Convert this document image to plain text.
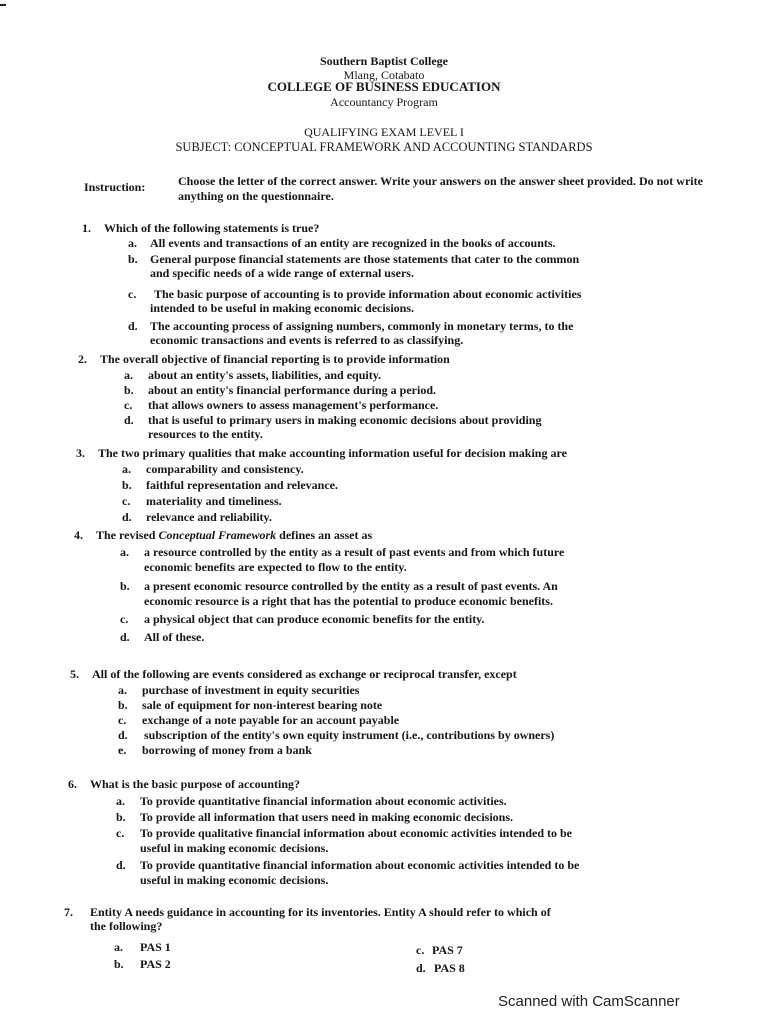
Southern Baptist College
Mlang, Cotabato
COLLEGE OF BUSINESS EDUCATION
Accountancy Program
QUALIFYING EXAM LEVEL I
SUBJECT: CONCEPTUAL FRAMEWORK AND ACCOUNTING STANDARDS
Instruction:	Choose the letter of the correct answer. Write your answers on the answer sheet provided. Do not write anything on the questionnaire.
1. Which of the following statements is true?
a. All events and transactions of an entity are recognized in the books of accounts.
b. General purpose financial statements are those statements that cater to the common
and specific needs of a wide range of external users.
c. The basic purpose of accounting is to provide information about economic activities
intended to be useful in making economic decisions.
d. The accounting process of assigning numbers, commonly in monetary terms, to the
economic transactions and events is referred to as classifying.
2. The overall objective of financial reporting is to provide information
a. about an entity's assets, liabilities, and equity.
b. about an entity's financial performance during a period.
c. that allows owners to assess management's performance.
d. that is useful to primary users in making economic decisions about providing
resources to the entity.
3. The two primary qualities that make accounting information useful for decision making are
a. comparability and consistency.
b. faithful representation and relevance.
c. materiality and timeliness.
d. relevance and reliability.
4. The revised Conceptual Framework defines an asset as
a. a resource controlled by the entity as a result of past events and from which future
economic benefits are expected to flow to the entity.
b. a present economic resource controlled by the entity as a result of past events. An
economic resource is a right that has the potential to produce economic benefits.
c. a physical object that can produce economic benefits for the entity.
d. All of these.
5. All of the following are events considered as exchange or reciprocal transfer, except
a. purchase of investment in equity securities
b. sale of equipment for non-interest bearing note
c. exchange of a note payable for an account payable
d. subscription of the entity's own equity instrument (i.e., contributions by owners)
e. borrowing of money from a bank
6. What is the basic purpose of accounting?
a. To provide quantitative financial information about economic activities.
b. To provide all information that users need in making economic decisions.
c. To provide qualitative financial information about economic activities intended to be
useful in making economic decisions.
d. To provide quantitative financial information about economic activities intended to be
useful in making economic decisions.
7. Entity A needs guidance in accounting for its inventories. Entity A should refer to which of
the following?
a. PAS 1
b. PAS 2
c. PAS 7
d. PAS 8
Scanned with CamScanner
